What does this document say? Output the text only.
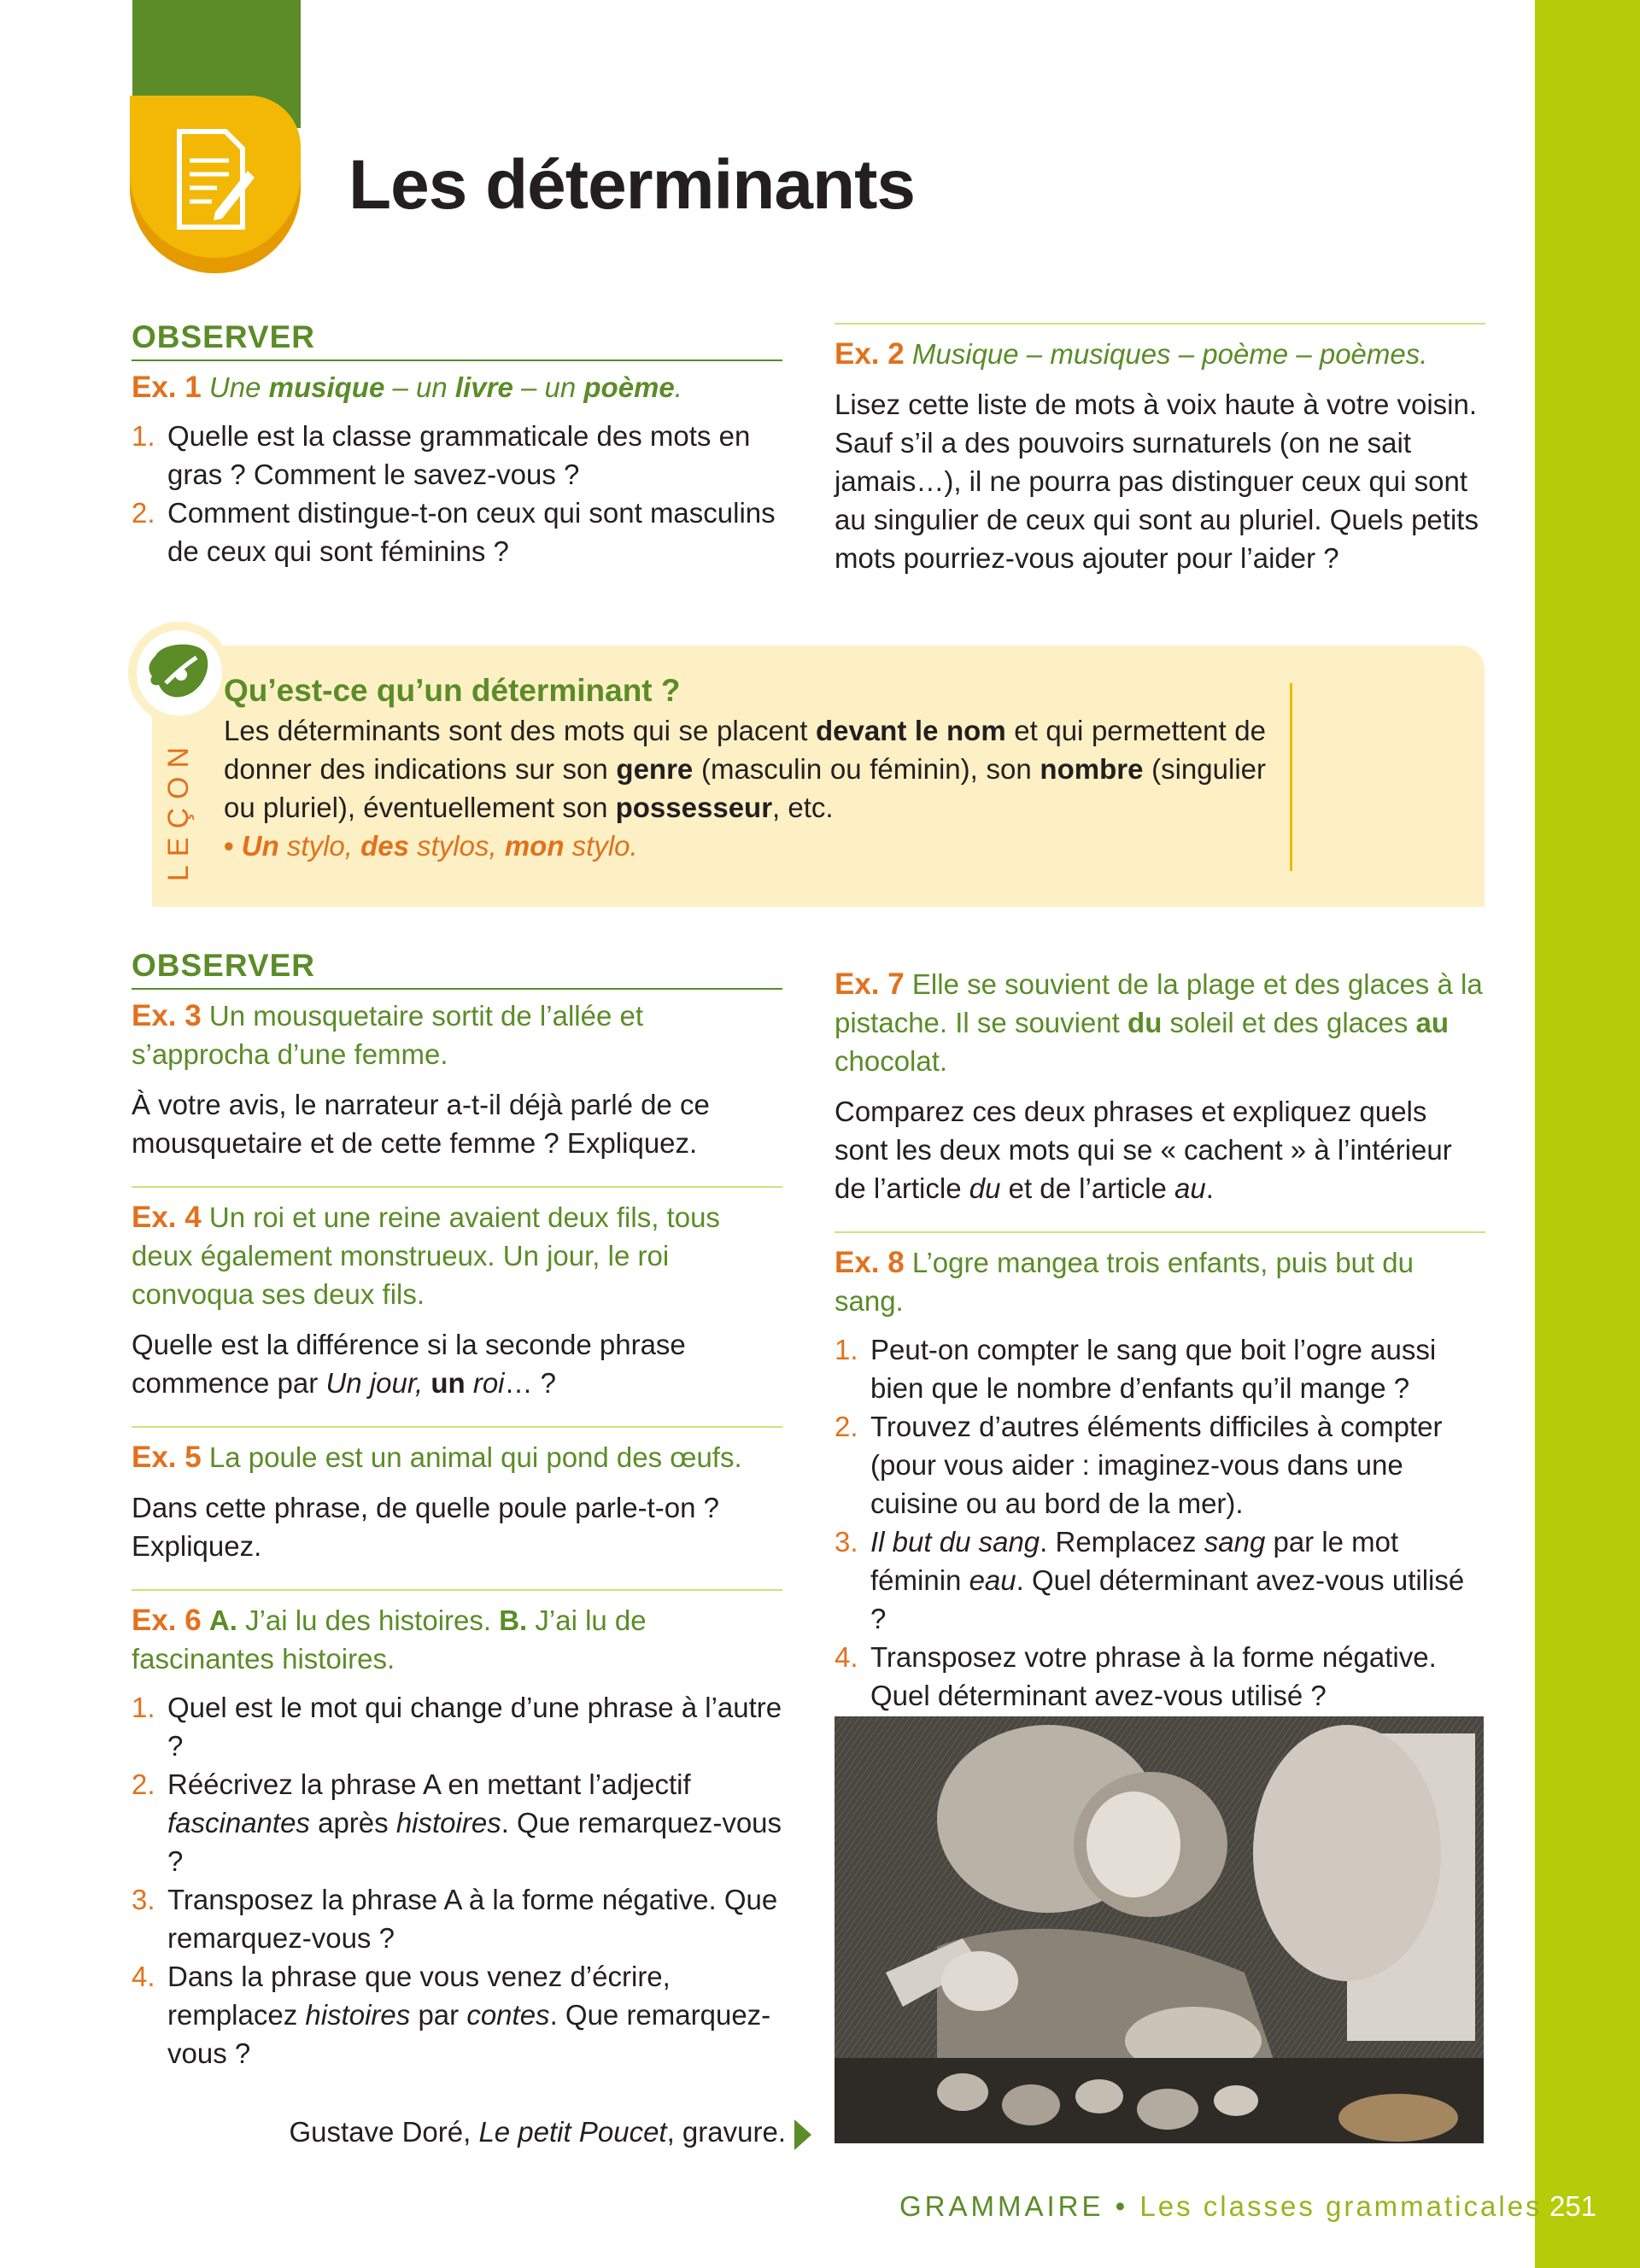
Les déterminants
OBSERVER
Ex. 1 Une musique – un livre – un poème.
1. Quelle est la classe grammaticale des mots en gras ? Comment le savez-vous ?
2. Comment distingue-t-on ceux qui sont masculins de ceux qui sont féminins ?
Ex. 2 Musique – musiques – poème – poèmes.
Lisez cette liste de mots à voix haute à votre voisin. Sauf s’il a des pouvoirs surnaturels (on ne sait jamais…), il ne pourra pas distinguer ceux qui sont au singulier de ceux qui sont au pluriel. Quels petits mots pourriez-vous ajouter pour l’aider ?
LEÇON
Qu’est-ce qu’un déterminant ?
Les déterminants sont des mots qui se placent devant le nom et qui permettent de donner des indications sur son genre (masculin ou féminin), son nombre (singulier ou pluriel), éventuellement son possesseur, etc.
• Un stylo, des stylos, mon stylo.
OBSERVER
Ex. 3 Un mousquetaire sortit de l’allée et s’approcha d’une femme.
À votre avis, le narrateur a-t-il déjà parlé de ce mousquetaire et de cette femme ? Expliquez.
Ex. 4 Un roi et une reine avaient deux fils, tous deux également monstrueux. Un jour, le roi convoqua ses deux fils.
Quelle est la différence si la seconde phrase commence par Un jour, un roi… ?
Ex. 5 La poule est un animal qui pond des œufs.
Dans cette phrase, de quelle poule parle-t-on ? Expliquez.
Ex. 6 A. J’ai lu des histoires. B. J’ai lu de fascinantes histoires.
1. Quel est le mot qui change d’une phrase à l’autre ?
2. Réécrivez la phrase A en mettant l’adjectif fascinantes après histoires. Que remarquez-vous ?
3. Transposez la phrase A à la forme négative. Que remarquez-vous ?
4. Dans la phrase que vous venez d’écrire, remplacez histoires par contes. Que remarquez-vous ?
Ex. 7 Elle se souvient de la plage et des glaces à la pistache. Il se souvient du soleil et des glaces au chocolat.
Comparez ces deux phrases et expliquez quels sont les deux mots qui se « cachent » à l’intérieur de l’article du et de l’article au.
Ex. 8 L’ogre mangea trois enfants, puis but du sang.
1. Peut-on compter le sang que boit l’ogre aussi bien que le nombre d’enfants qu’il mange ?
2. Trouvez d’autres éléments difficiles à compter (pour vous aider : imaginez-vous dans une cuisine ou au bord de la mer).
3. Il but du sang. Remplacez sang par le mot féminin eau. Quel déterminant avez-vous utilisé ?
4. Transposez votre phrase à la forme négative. Quel déterminant avez-vous utilisé ?
Gustave Doré, Le petit Poucet, gravure.
GRAMMAIRE • Les classes grammaticales 251
